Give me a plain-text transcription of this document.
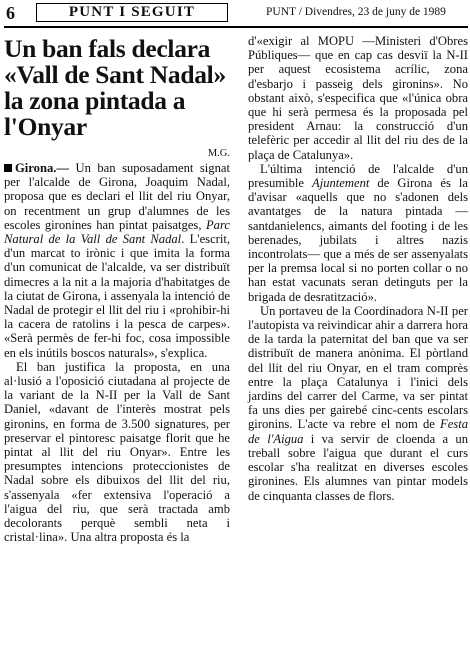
6	PUNT I SEGUIT	PUNT / Divendres, 23 de juny de 1989
Un ban fals declara «Vall de Sant Nadal» la zona pintada a l'Onyar
M.G.

Girona.— Un ban suposadament signat per l'alcalde de Girona, Joaquim Nadal, proposa que es declari el llit del riu Onyar, on recentment un grup d'alumnes de les escoles gironines han pintat paisatges, Parc Natural de la Vall de Sant Nadal. L'escrit, d'un marcat to irònic i que imita la forma d'un comunicat de l'alcalde, va ser distribuït dimecres a la nit a la majoria d'habitatges de la ciutat de Girona, i assenyala la intenció de Nadal de protegir el llit del riu i «prohibir-hi la cacera de ratolins i la pesca de carpes». «Serà permès de fer-hi foc, cosa impossible en els inútils boscos naturals», s'explica.

El ban justifica la proposta, en una al·lusió a l'oposició ciutadana al projecte de la variant de la N-II per la Vall de Sant Daniel, «davant de l'interès mostrat pels gironins, en forma de 3.500 signatures, per preservar el pintoresc paisatge florit que he pintat al llit del riu Onyar». Entre les presumptes intencions proteccionistes de Nadal sobre els dibuixos del llit del riu, s'assenyala «fer extensiva l'operació a l'aigua del riu, que serà tractada amb decolorants perquè sembli neta i cristal·lina». Una altra proposta és la

d'«exigir al MOPU —Ministeri d'Obres Públiques— que en cap cas desviï la N-II per aquest ecosistema acrílic, zona d'esbarjo i passeig dels gironins». No obstant això, s'especifica que «l'única obra que hi serà permesa és la proposada pel president Arnau: la construcció d'un telefèric per accedir al llit del riu des de la plaça de Catalunya».

L'última intenció de l'alcalde d'un presumible Ajuntement de Girona és la d'avisar «aquells que no s'adonen dels avantatges de la natura pintada —santdanielencs, aimants del footing i de les berenades, jubilats i altres nazis incontrolats— que a més de ser assenyalats per la premsa local si no porten collar o no han estat vacunats seran detinguts per la brigada de desratització».

Un portaveu de la Coordinadora N-II per l'autopista va reivindicar ahir a darrera hora de la tarda la paternitat del ban que va ser distribuït de manera anònima. El pòrtland del llit del riu Onyar, en el tram comprès entre la plaça Catalunya i l'inici dels jardins del carrer del Carme, va ser pintat fa uns dies per gairebé cinc-cents escolars gironins. L'acte va rebre el nom de Festa de l'Aigua i va servir de cloenda a un treball sobre l'aigua que durant el curs escolar s'ha realitzat en diverses escoles gironines. Els alumnes van pintar models de cinquanta classes de flors.
